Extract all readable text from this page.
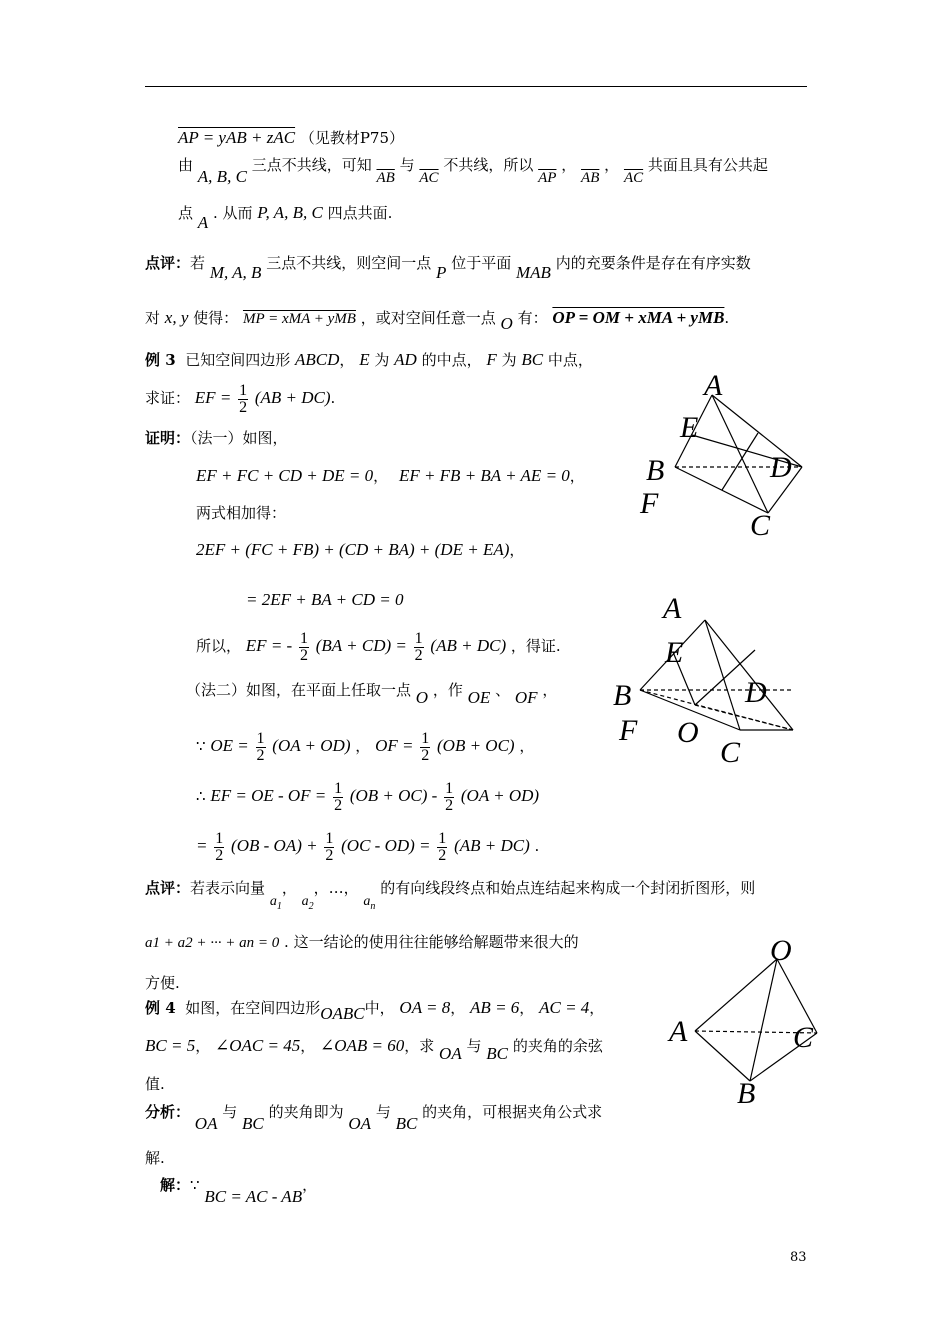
AP = yAB + zAC （见教材P75）
由 A, B, C 三点不共线，可知 $\overline{AB}$ 与 $\overline{AC}$ 不共线，所以 $\overline{AP}$ ， $\overline{AB}$ ， $\overline{AC}$ 共面且具有公共起
点 A . 从而 P, A, B, C 四点共面.
点评：若 M, A, B 三点不共线，则空间一点 P 位于平面 MAB 内的充要条件是存在有序实数
对 x, y 使得： MP = xMA + yMB ，或对空间任意一点 O 有： OP = OM + xMA + yMB.
例 3 已知空间四边形 ABCD， E 为 AD 的中点， F 为 BC 中点，
求证： EF = $\frac{1}{2} (AB + DC)$.
证明：（法一）如图，
EF + FC + CD + DE = 0， EF + FB + BA + AE = 0，
两式相加得：
2EF + (FC + FB) + (CD + BA) + (DE + EA)，
= 2EF + BA + CD = 0
所以， EF = - $\frac{1}{2} (BA + CD) = \frac{1}{2} (AB + DC)$ ，得证.
（法二）如图，在平面上任取一点 O ，作 OE 、 OF ，
∵ OE = $\frac{1}{2} (OA + OD)$ ， OF = $\frac{1}{2} (OB + OC)$ ，
∴ EF = OE - OF = $\frac{1}{2} (OB + OC) - \frac{1}{2} (OA + OD)$
= $\frac{1}{2} (OB - OA) + \frac{1}{2} (OC - OD) = \frac{1}{2} (AB + DC)$ .
点评：若表示向量 $a_1$， $a_2$，…， $a_n$ 的有向线段终点和始点连结起来构成一个封闭折图形，则
a1 + a2 + ··· + an = 0 . 这一结论的使用往往能够给解题带来很大的
方便.
例 4 如图，在空间四边形OABC中， OA = 8， AB = 6， AC = 4，
BC = 5， ∠OAC = 45， ∠OAB = 60，求 OA 与 BC 的夹角的余弦
值.
分析： OA 与 BC 的夹角即为 OA 与 BC 的夹角，可根据夹角公式求
解.
解：∵ BC = AC - AB，
A
E
B	D
F
C
A
E
B	D
F O
C
O
A	C
B
83
